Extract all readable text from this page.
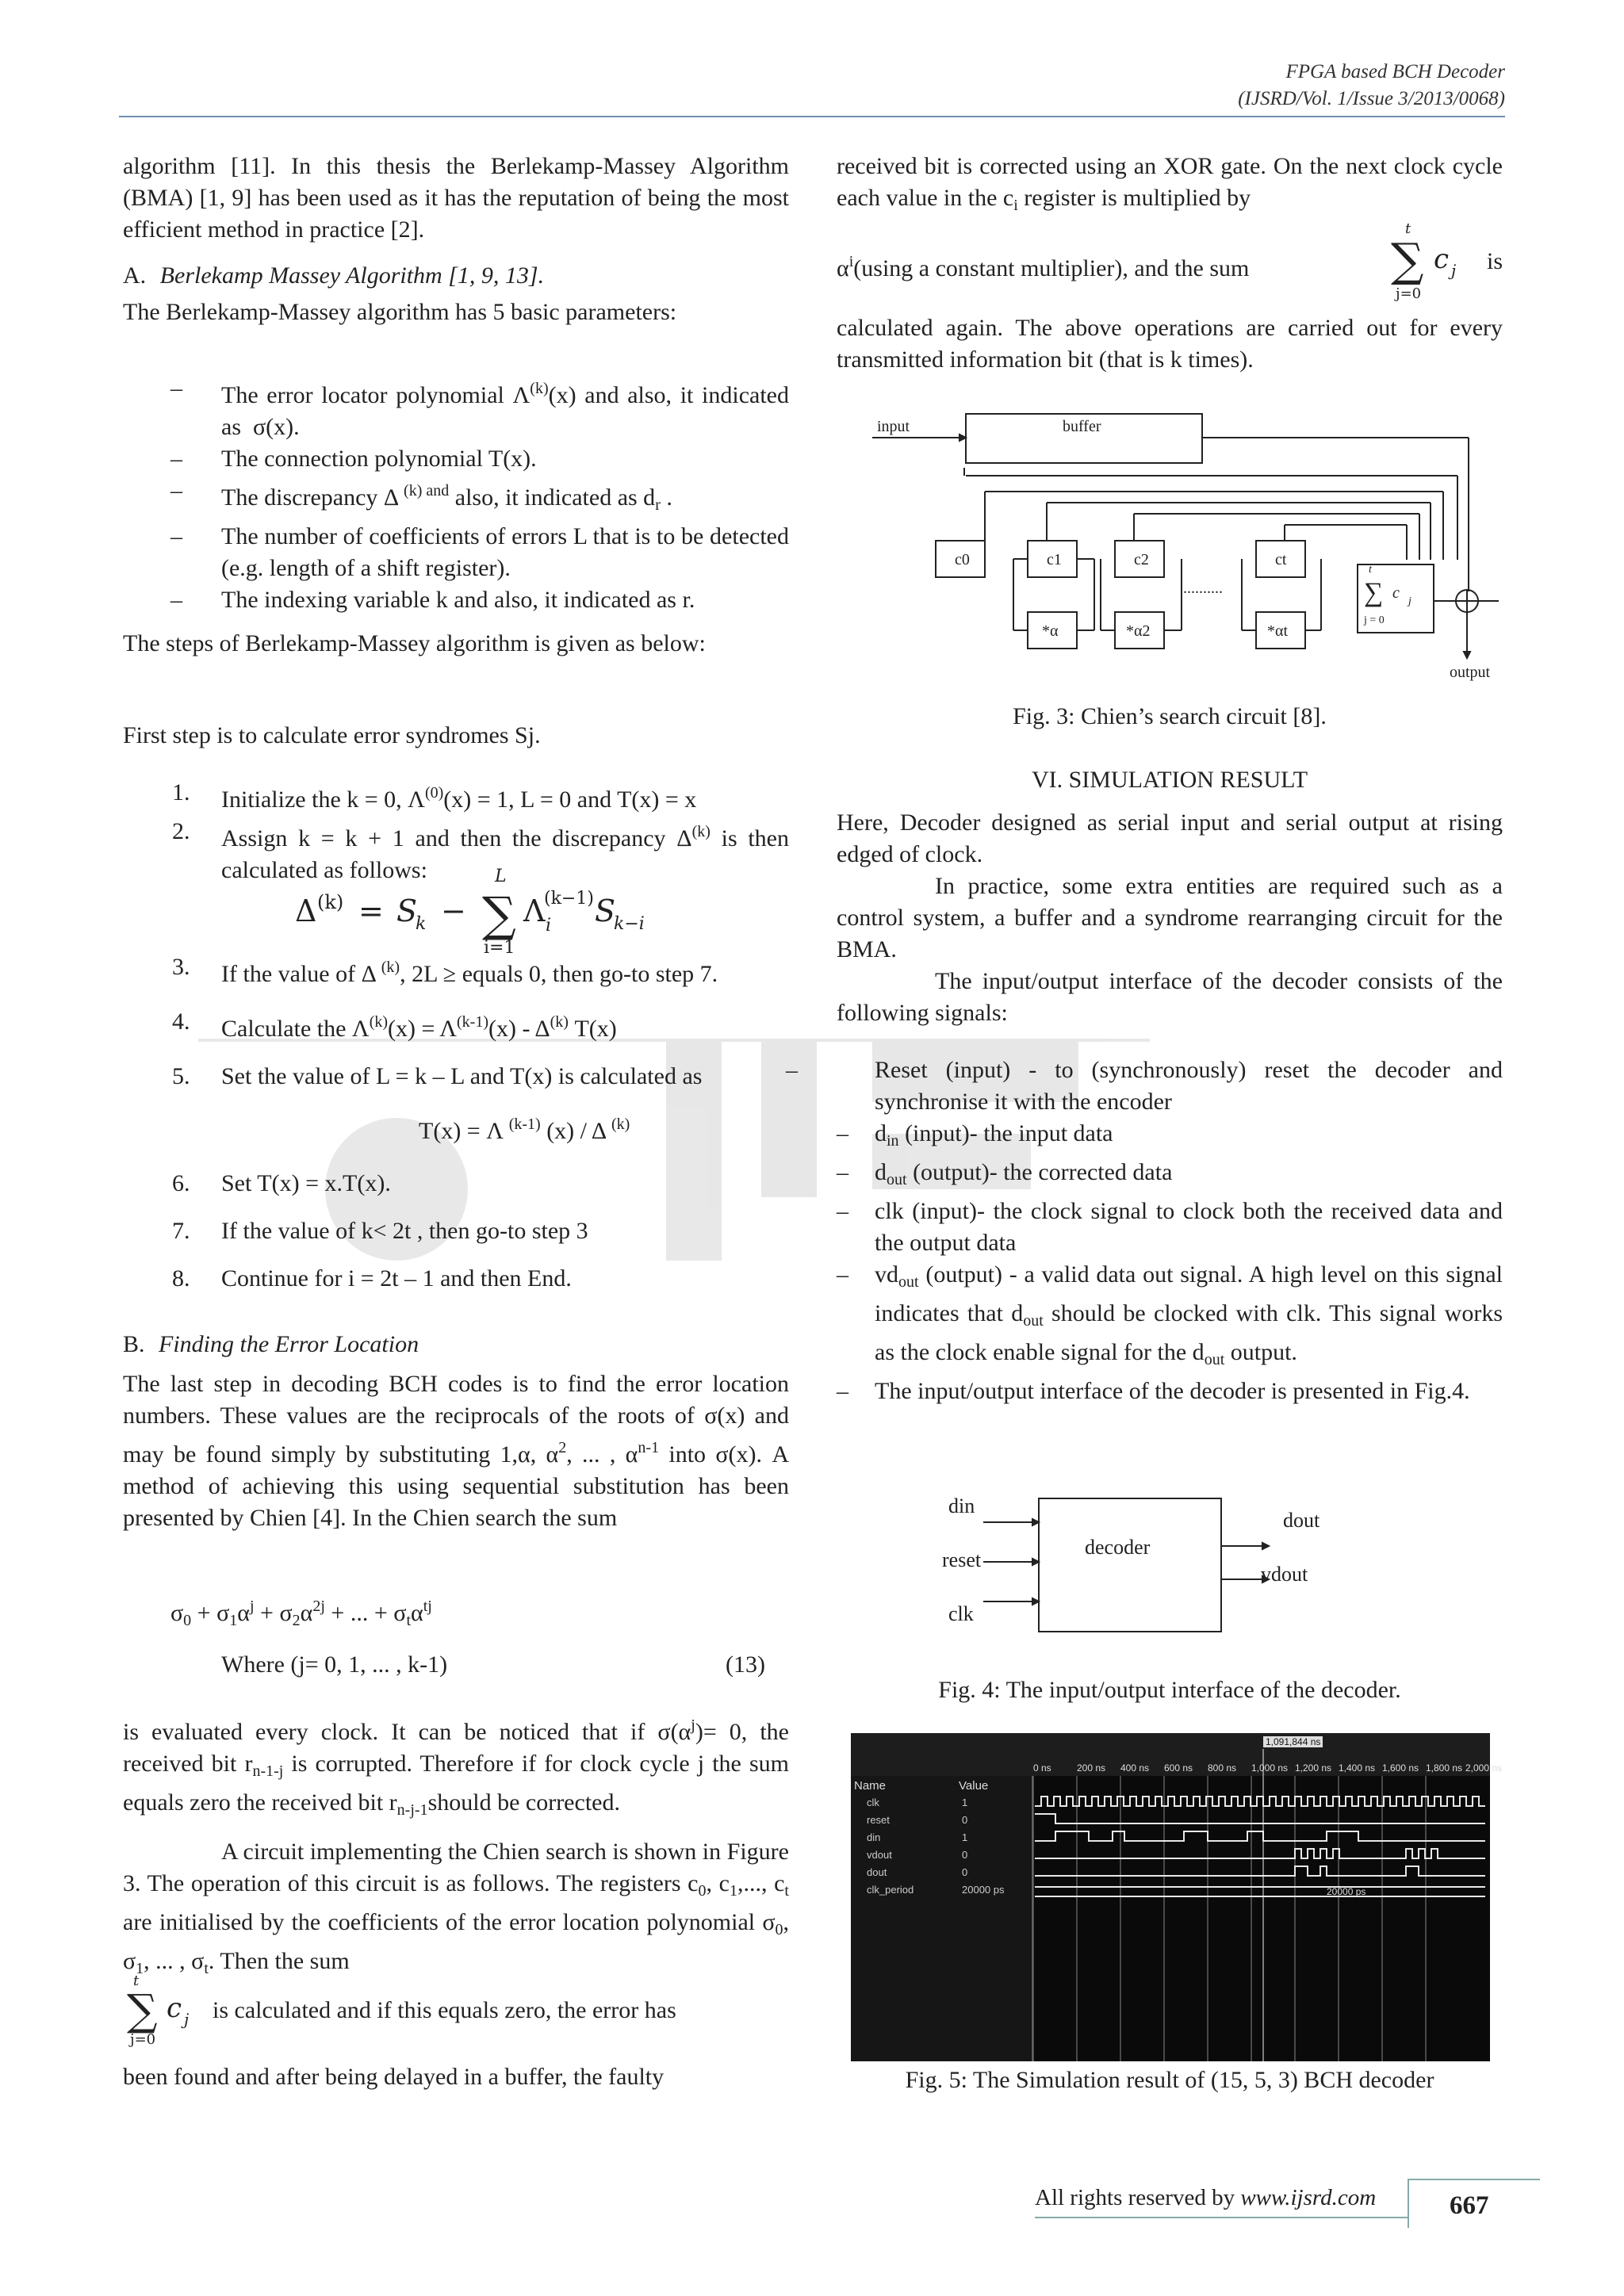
FPGA based BCH Decoder
(IJSRD/Vol. 1/Issue 3/2013/0068)

algorithm [11]. In this thesis the Berlekamp-Massey Algorithm (BMA) [1, 9] has been used as it has the reputation of being the most efficient method in practice [2].

A. Berlekamp Massey Algorithm [1, 9, 13].

The Berlekamp-Massey algorithm has 5 basic parameters:

– The error locator polynomial $\Lambda^{(k)}(x)$ and also, it indicated as  σ(x).
– The connection polynomial T(x).
– The discrepancy Δ $^{(k) and}$ also, it indicated as $d_r$ .
– The number of coefficients of errors L that is to be detected (e.g. length of a shift register).
– The indexing variable k and also, it indicated as r.
The steps of Berlekamp-Massey algorithm is given as below:
First step is to calculate error syndromes Sj.
1. Initialize the k = 0, $\Lambda^{(0)}(x) = 1$, L = 0 and T(x) = x
2. Assign k = k + 1 and then the discrepancy $\Delta^{(k)}$ is then calculated as follows:
Δ (k) = S
k − ∑
L
i=1
Λ
(k−1)
i S
k−i
3. If the value of Δ $^{(k)}$, 2L ≥ equals 0, then go-to step 7.
4. Calculate the $\Lambda^{(k)}(x) = \Lambda^{(k-1)}(x) - \Delta^{(k)}$ T(x)
5. Set the value of L = k – L and T(x) is calculated as
T(x) = Λ $^{(k-1)}$ (x) / Δ $^{(k)}$
6. Set T(x) = x.T(x).
7. If the value of k< 2t , then go-to step 3
8. Continue for i = 2t – 1 and then End.
B. Finding the Error Location
The last step in decoding BCH codes is to find the error location numbers. These values are the reciprocals of the roots of σ(x) and may be found simply by substituting 1,α, $\alpha^2$, ... , $\alpha^{n-1}$ into σ(x). A method of achieving this using sequential substitution has been presented by Chien [4]. In the Chien search the sum
$\sigma_0 + \sigma_1\alpha^j + \sigma_2\alpha^{2j}$ + ... + $\sigma_t\alpha^{tj}$
Where (j= 0, 1, ... , k-1)	(13)
is evaluated every clock. It can be noticed that if $\sigma(\alpha^j)= 0$, the received bit $r_{n-1-j}$ is corrupted. Therefore if for clock cycle j the sum equals zero the received bit $r_{n-j-1}should$ be corrected.
A circuit implementing the Chien search is shown in Figure 3. The operation of this circuit is as follows. The registers $c_0$, $c_1$,..., $c_t$ are initialised by the coefficients of the error location polynomial $\sigma_0$, $\sigma_1$, ... , $\sigma_t$. Then the sum
t
∑ c j
j=0
is calculated and if this equals zero, the error has
been found and after being delayed in a buffer, the faulty
received bit is corrected using an XOR gate. On the next clock cycle each value in the $c_i$ register is multiplied by
$\alpha^i(using$ a constant multiplier), and the sum	is
t
∑ c j
j=0
calculated again. The above operations are carried out for every transmitted information bit (that is k times).
input	buffer
c0	c1	c2	ct
*α	*α2	*αt
..........	∑ c j
t
j = 0
output
Fig. 3: Chien’s search circuit [8].
VI. SIMULATION RESULT
Here, Decoder designed as serial input and serial output at rising edged of clock.
In practice, some extra entities are required such as a control system, a buffer and a syndrome rearranging circuit for the BMA.
The input/output interface of the decoder consists of the following signals:
–	Reset (input) - to (synchronously) reset the decoder and synchronise it with the encoder
– $d_{in}$ (input)- the input data
– $d_{out}$ (output)- the corrected data
– clk (input)- the clock signal to clock both the received data and the output data
– $vd_{out}$ (output) - a valid data out signal. A high level on this signal indicates that $d_{out}$ should be clocked with clk. This signal works as the clock enable signal for the $d_{out}$ output.
– The input/output interface of the decoder is presented in Fig.4.
din
reset
clk
decoder
dout
vdout
Fig. 4: The input/output interface of the decoder.
Name	Value
1,091,844 ns
0 ns	200 ns 400 ns 600 ns 800 ns 1,000 ns 1,200 ns 1,400 ns 1,600 ns 1,800 ns 2,000 ns
clk	1
reset	0
din	1
vdout	0
dout	0
clk_period	20000 ps	20000 ps
Fig. 5: The Simulation result of (15, 5, 3) BCH decoder
All rights reserved by www.ijsrd.com	667
